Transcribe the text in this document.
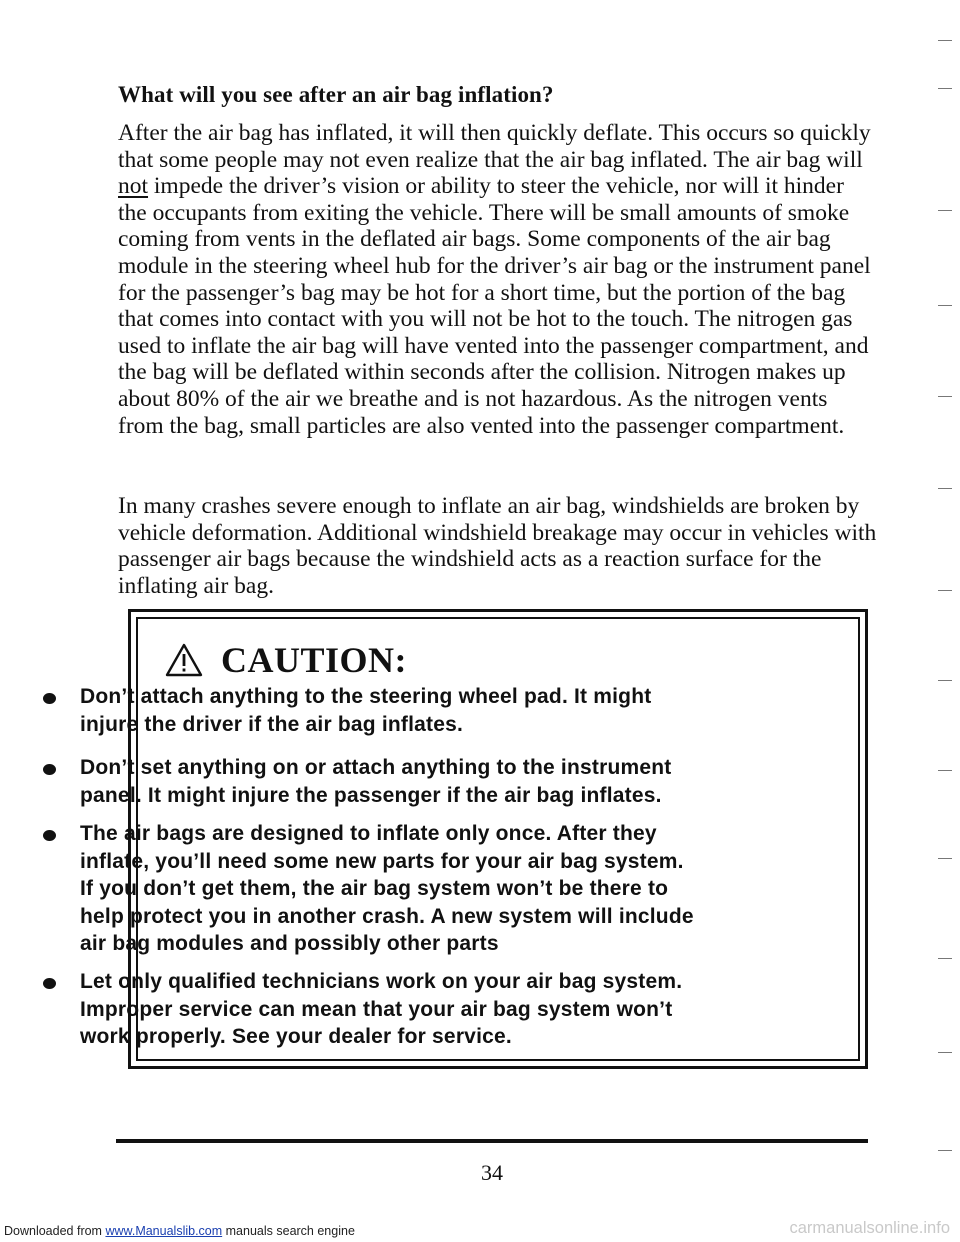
What will you see after an air bag inflation?
After the air bag has inflated, it will then quickly deflate. This occurs so quickly that some people may not even realize that the air bag inflated. The air bag will not impede the driver’s vision or ability to steer the vehicle, nor will it hinder the occupants from exiting the vehicle. There will be small amounts of smoke coming from vents in the deflated air bags. Some components of the air bag module in the steering wheel hub for the driver’s air bag or the instrument panel for the passenger’s bag may be hot for a short time, but the portion of the bag that comes into contact with you will not be hot to the touch. The nitrogen gas used to inflate the air bag will have vented into the passenger compartment, and the bag will be deflated within seconds after the collision. Nitrogen makes up about 80% of the air we breathe and is not hazardous. As the nitrogen vents from the bag, small particles are also vented into the passenger compartment.
In many crashes severe enough to inflate an air bag, windshields are broken by vehicle deformation. Additional windshield breakage may occur in vehicles with passenger air bags because the windshield acts as a reaction surface for the inflating air bag.
CAUTION:
Don’t attach anything to the steering wheel pad. It might injure the driver if the air bag inflates.
Don’t set anything on or attach anything to the instrument panel. It might injure the passenger if the air bag inflates.
The air bags are designed to inflate only once. After they inflate, you’ll need some new parts for your air bag system. If you don’t get them, the air bag system won’t be there to help protect you in another crash. A new system will include air bag modules and possibly other parts
Let only qualified technicians work on your air bag system. Improper service can mean that your air bag system won’t work properly. See your dealer for service.
34
Downloaded from www.Manualslib.com manuals search engine	carmanualsonline.info
